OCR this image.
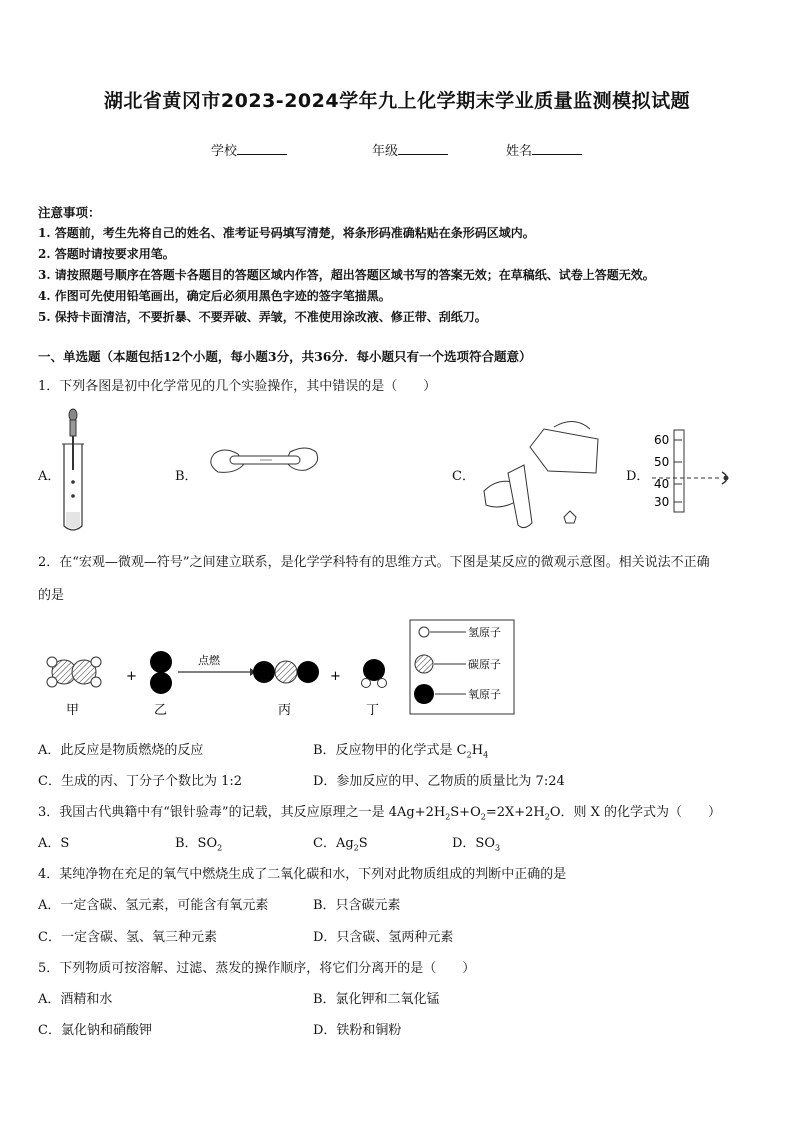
湖北省黄冈市2023-2024学年九上化学期末学业质量监测模拟试题
学校	年级	姓名
注意事项：
1. 答题前，考生先将自己的姓名、准考证号码填写清楚，将条形码准确粘贴在条形码区域内。
2. 答题时请按要求用笔。
3. 请按照题号顺序在答题卡各题目的答题区域内作答，超出答题区域书写的答案无效；在草稿纸、试卷上答题无效。
4. 作图可先使用铅笔画出，确定后必须用黑色字迹的签字笔描黑。
5. 保持卡面清洁，不要折暴、不要弄破、弄皱，不准使用涂改液、修正带、刮纸刀。
一、单选题（本题包括12个小题，每小题3分，共36分．每小题只有一个选项符合题意）
1．下列各图是初中化学常见的几个实验操作，其中错误的是（　　）
A．	B．	C．	D．
60
50
40
30
2．在“宏观—微观—符号”之间建立联系，是化学学科特有的思维方式。下图是某反应的微观示意图。相关说法不正确
的是
+
点燃
+
甲	乙	丙	丁
氢原子
碳原子
氧原子
A．此反应是物质燃烧的反应	B．反应物甲的化学式是 $C_2H_4$
C．生成的丙、丁分子个数比为 1:2	D．参加反应的甲、乙物质的质量比为 7:24
3．我国古代典籍中有“银针验毒”的记载，其反应原理之一是 $4Ag+2H_2S+O_2=2X+2H_2O$．则 X 的化学式为（　　）
A．S	B．$SO_2$	C．$Ag_2S$	D．$SO_3$
4．某纯净物在充足的氧气中燃烧生成了二氧化碳和水，下列对此物质组成的判断中正确的是
A．一定含碳、氢元素，可能含有氧元素	B．只含碳元素
C．一定含碳、氢、氧三种元素	D．只含碳、氢两种元素
5．下列物质可按溶解、过滤、蒸发的操作顺序，将它们分离开的是（　　）
A．酒精和水	B．氯化钾和二氧化锰
C．氯化钠和硝酸钾	D．铁粉和铜粉
